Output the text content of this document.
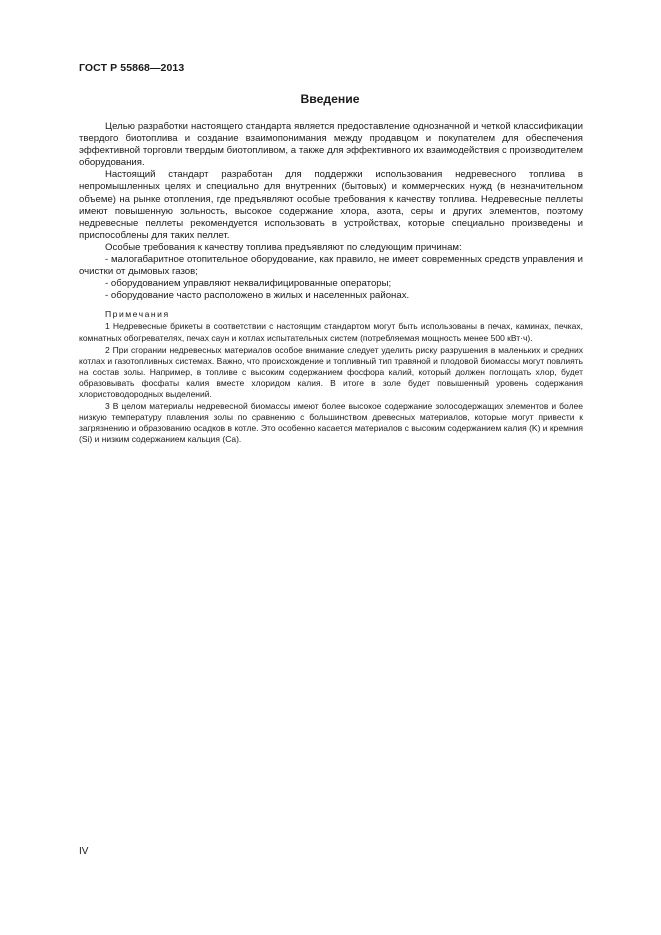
ГОСТ Р 55868—2013
Введение

Целью разработки настоящего стандарта является предоставление однозначной и четкой классификации твердого биотоплива и создание взаимопонимания между продавцом и покупателем для обеспечения эффективной торговли твердым биотопливом, а также для эффективного их взаимодействия с производителем оборудования.

Настоящий стандарт разработан для поддержки использования недревесного топлива в непромышленных целях и специально для внутренних (бытовых) и коммерческих нужд (в незначительном объеме) на рынке отопления, где предъявляют особые требования к качеству топлива. Недревесные пеллеты имеют повышенную зольность, высокое содержание хлора, азота, серы и других элементов, поэтому недревесные пеллеты рекомендуется использовать в устройствах, которые специально произведены и приспособлены для таких пеллет.

Особые требования к качеству топлива предъявляют по следующим причинам:

- малогабаритное отопительное оборудование, как правило, не имеет современных средств управления и очистки от дымовых газов;

- оборудованием управляют неквалифицированные операторы;

- оборудование часто расположено в жилых и населенных районах.

Примечания

1 Недревесные брикеты в соответствии с настоящим стандартом могут быть использованы в печах, каминах, печках, комнатных обогревателях, печах саун и котлах испытательных систем (потребляемая мощность менее 500 кВт·ч).

2 При сгорании недревесных материалов особое внимание следует уделить риску разрушения в маленьких и средних котлах и газотопливных системах. Важно, что происхождение и топливный тип травяной и плодовой биомассы могут повлиять на состав золы. Например, в топливе с высоким содержанием фосфора калий, который должен поглощать хлор, будет образовывать фосфаты калия вместе хлоридом калия. В итоге в золе будет повышенный уровень содержания хлористоводородных выделений.

3 В целом материалы недревесной биомассы имеют более высокое содержание золосодержащих элементов и более низкую температуру плавления золы по сравнению с большинством древесных материалов, которые могут привести к загрязнению и образованию осадков в котле. Это особенно касается материалов с высоким содержанием калия (K) и кремния (Si) и низким содержанием кальция (Ca).

IV
